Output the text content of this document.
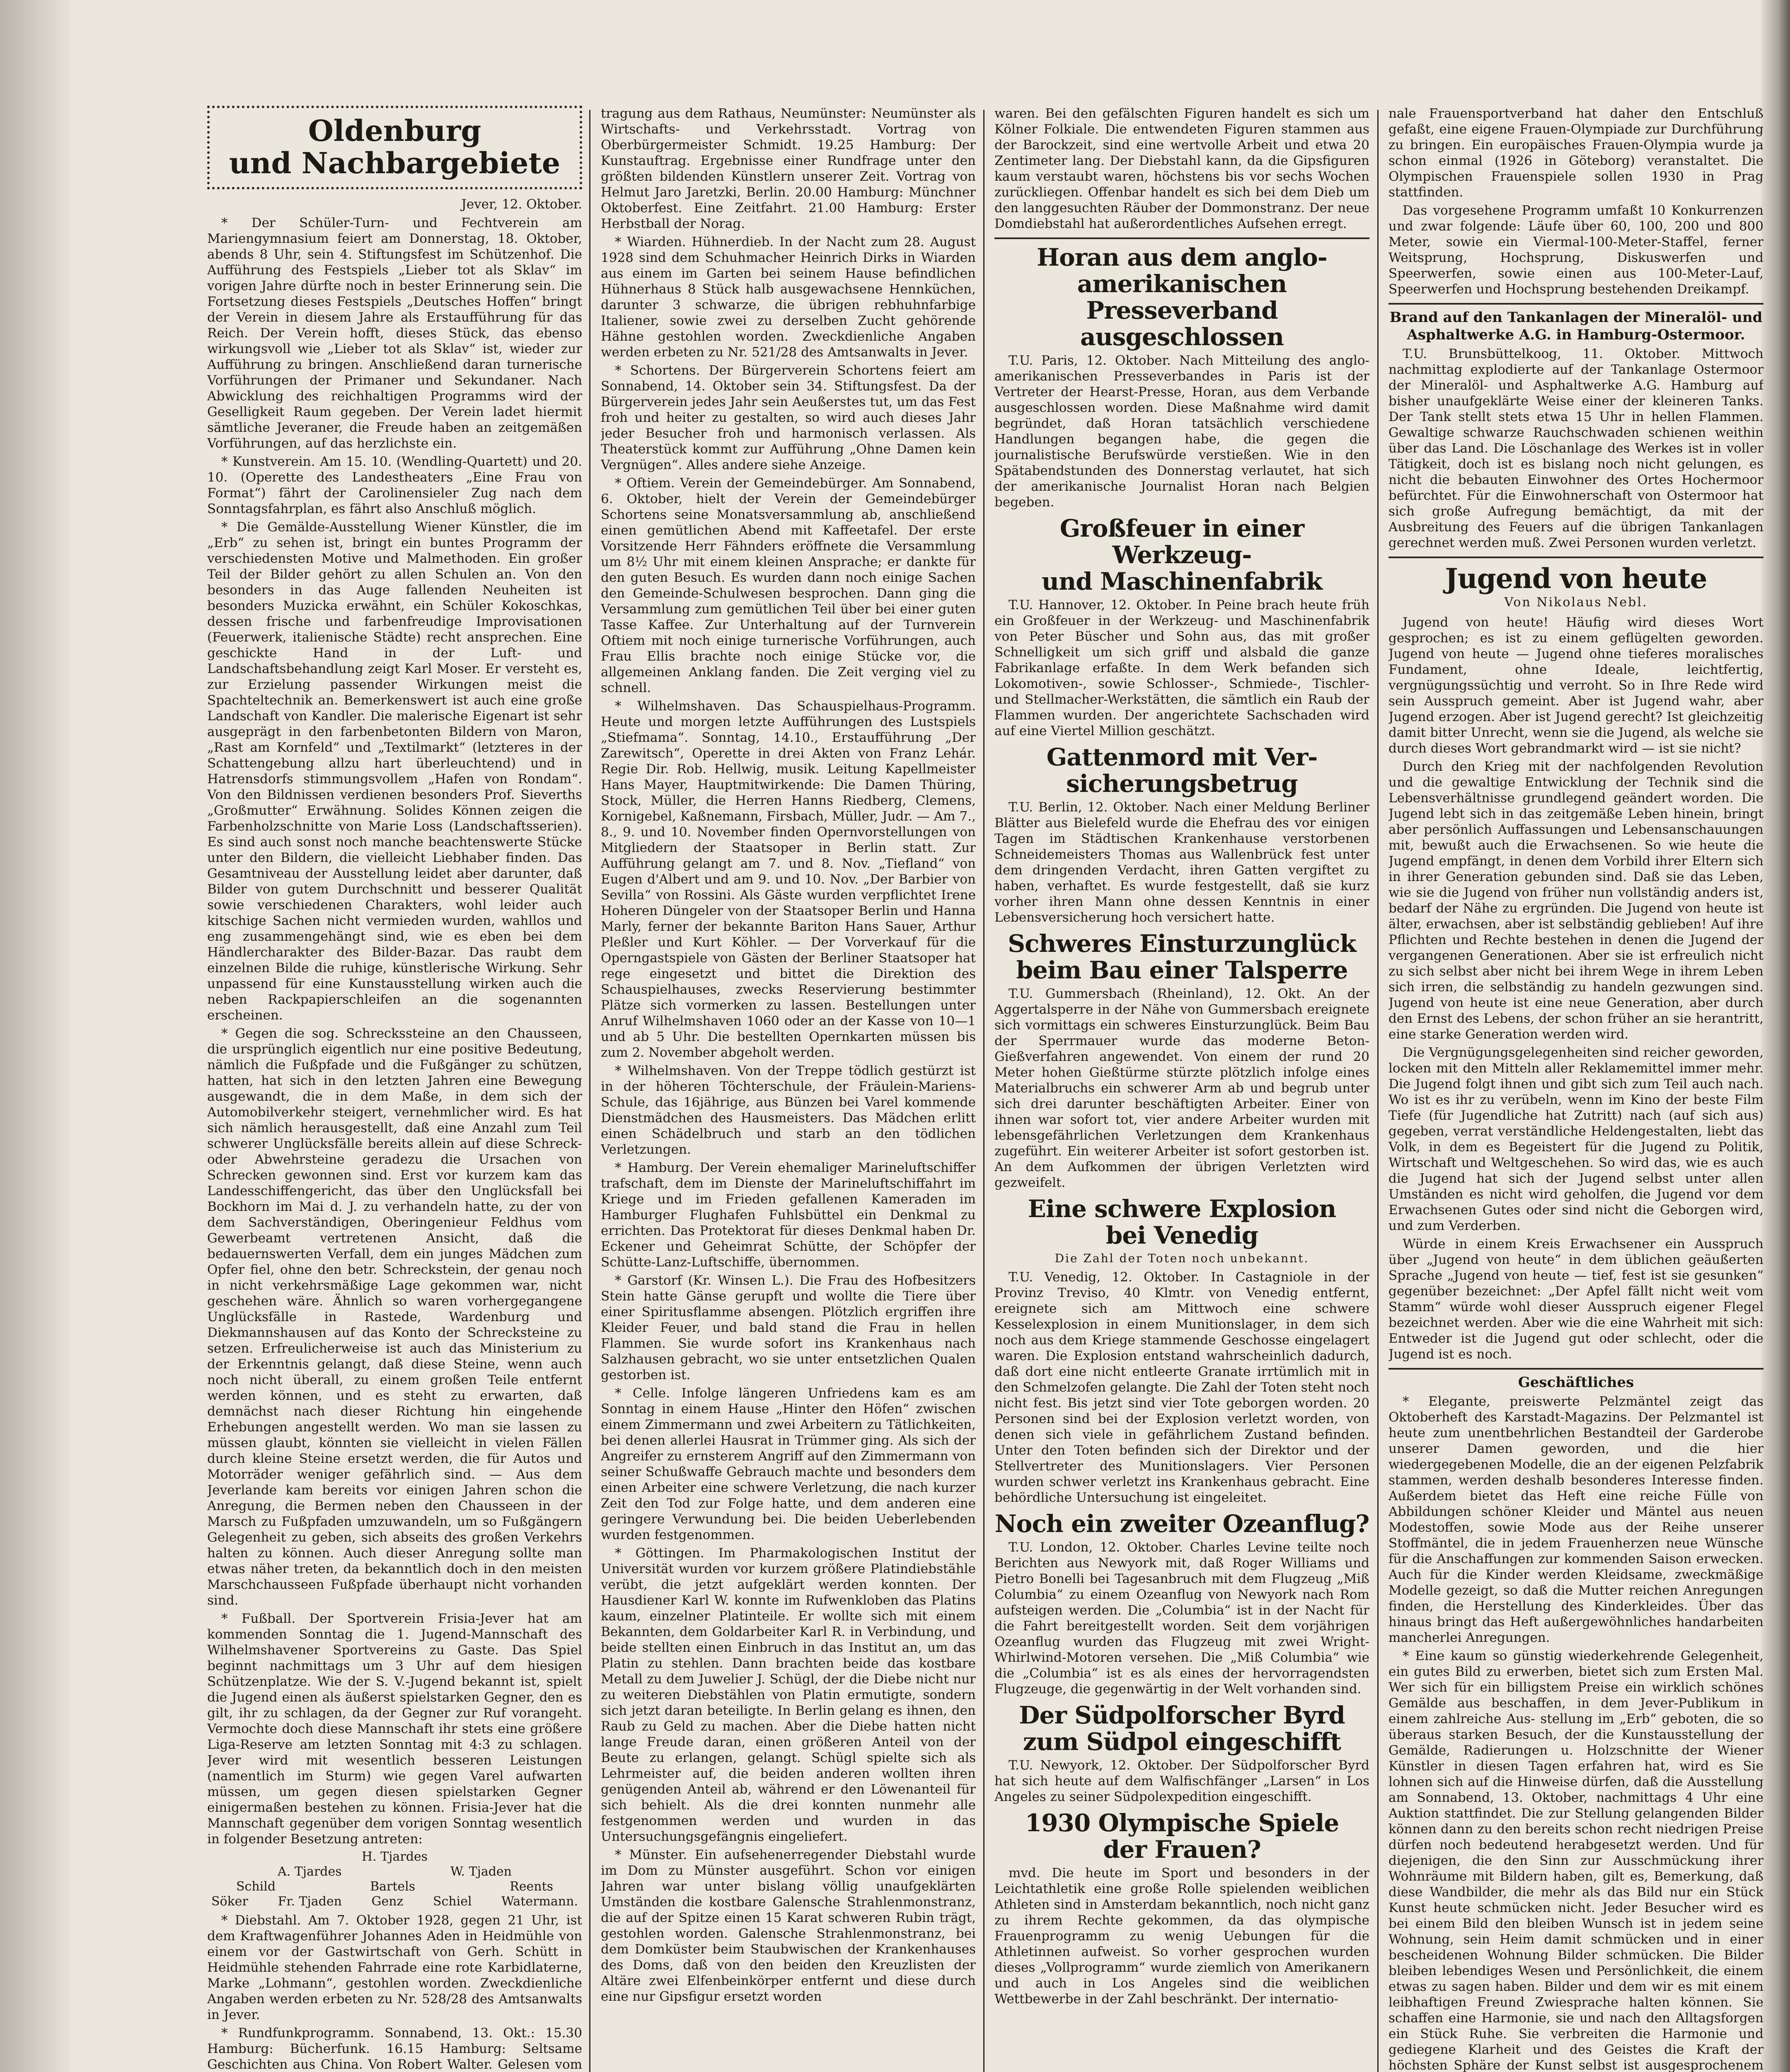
Oldenburg
und Nachbargebiete
Jever, 12. Oktober.

* Der Schüler-Turn- und Fechtverein am Mariengymnasium feiert am Donnerstag, 18. Oktober, abends 8 Uhr, sein 4. Stiftungsfest im Schützenhof. Die Aufführung des Festspiels „Lieber tot als Sklav“ im vorigen Jahre dürfte noch in bester Erinnerung sein. Die Fortsetzung dieses Festspiels „Deutsches Hoffen“ bringt der Verein in diesem Jahre als Erstaufführung für das Reich. Der Verein hofft, dieses Stück, das ebenso wirkungsvoll wie „Lieber tot als Sklav“ ist, wieder zur Aufführung zu bringen. Anschließend daran turnerische Vorführungen der Primaner und Sekundaner. Nach Abwicklung des reichhaltigen Programms wird der Geselligkeit Raum gegeben. Der Verein ladet hiermit sämtliche Jeveraner, die Freude haben an zeitgemäßen Vorführungen, auf das herzlichste ein.

* Kunstverein. Am 15. 10. (Wendling-Quartett) und 20. 10. (Operette des Landestheaters „Eine Frau von Format“) fährt der Carolinensieler Zug nach dem Sonntagsfahrplan, es fährt also Anschluß möglich.

* Die Gemälde-Ausstellung Wiener Künstler, die im „Erb“ zu sehen ist, bringt ein buntes Programm der verschiedensten Motive und Malmethoden. Ein großer Teil der Bilder gehört zu allen Schulen an. Von den besonders in das Auge fallenden Neuheiten ist besonders Muzicka erwähnt, ein Schüler Kokoschkas, dessen frische und farbenfreudige Improvisationen (Feuerwerk, italienische Städte) recht ansprechen. Eine geschickte Hand in der Luft- und Landschaftsbehandlung zeigt Karl Moser. Er versteht es, zur Erzielung passender Wirkungen meist die Spachteltechnik an. Bemerkenswert ist auch eine große Landschaft von Kandler. Die malerische Eigenart ist sehr ausgeprägt in den farbenbetonten Bildern von Maron, „Rast am Kornfeld“ und „Textilmarkt“ (letzteres in der Schattengebung allzu hart überleuchtend) und in Hatrensdorfs stimmungsvollem „Hafen von Rondam“. Von den Bildnissen verdienen besonders Prof. Sieverths „Großmutter“ Erwähnung. Solides Können zeigen die Farbenholzschnitte von Marie Loss (Landschaftsserien). Es sind auch sonst noch manche beachtenswerte Stücke unter den Bildern, die vielleicht Liebhaber finden. Das Gesamtniveau der Ausstellung leidet aber darunter, daß Bilder von gutem Durchschnitt und besserer Qualität sowie verschiedenen Charakters, wohl leider auch kitschige Sachen nicht vermieden wurden, wahllos und eng zusammengehängt sind, wie es eben bei dem Händlercharakter des Bilder-Bazar. Das raubt dem einzelnen Bilde die ruhige, künstlerische Wirkung. Sehr unpassend für eine Kunstausstellung wirken auch die neben Rackpapierschleifen an die sogenannten erscheinen.

* Gegen die sog. Schreckssteine an den Chausseen, die ursprünglich eigentlich nur eine positive Bedeutung, nämlich die Fußpfade und die Fußgänger zu schützen, hatten, hat sich in den letzten Jahren eine Bewegung ausgewandt, die in dem Maße, in dem sich der Automobilverkehr steigert, vernehmlicher wird. Es hat sich nämlich herausgestellt, daß eine Anzahl zum Teil schwerer Unglücksfälle bereits allein auf diese Schreck- oder Abwehrsteine geradezu die Ursachen von Schrecken gewonnen sind. Erst vor kurzem kam das Landesschiffengericht, das über den Unglücksfall bei Bockhorn im Mai d. J. zu verhandeln hatte, zu der von dem Sachverständigen, Oberingenieur Feldhus vom Gewerbeamt vertretenen Ansicht, daß die bedauernswerten Verfall, dem ein junges Mädchen zum Opfer fiel, ohne den betr. Schreckstein, der genau noch in nicht verkehrsmäßige Lage gekommen war, nicht geschehen wäre. Ähnlich so waren vorhergegangene Unglücksfälle in Rastede, Wardenburg und Diekmannshausen auf das Konto der Schrecksteine zu setzen. Erfreulicherweise ist auch das Ministerium zu der Erkenntnis gelangt, daß diese Steine, wenn auch noch nicht überall, zu einem großen Teile entfernt werden können, und es steht zu erwarten, daß demnächst nach dieser Richtung hin eingehende Erhebungen angestellt werden. Wo man sie lassen zu müssen glaubt, könnten sie vielleicht in vielen Fällen durch kleine Steine ersetzt werden, die für Autos und Motorräder weniger gefährlich sind. — Aus dem Jeverlande kam bereits vor einigen Jahren schon die Anregung, die Bermen neben den Chausseen in der Marsch zu Fußpfaden umzuwandeln, um so Fußgängern Gelegenheit zu geben, sich abseits des großen Verkehrs halten zu können. Auch dieser Anregung sollte man etwas näher treten, da bekanntlich doch in den meisten Marschchausseen Fußpfade überhaupt nicht vorhanden sind.

* Fußball. Der Sportverein Frisia-Jever hat am kommenden Sonntag die 1. Jugend-Mannschaft des Wilhelmshavener Sportvereins zu Gaste. Das Spiel beginnt nachmittags um 3 Uhr auf dem hiesigen Schützenplatze. Wie der S. V.-Jugend bekannt ist, spielt die Jugend einen als äußerst spielstarken Gegner, den es gilt, ihr zu schlagen, da der Gegner zur Ruf vorangeht. Vermochte doch diese Mannschaft ihr stets eine größere Liga-Reserve am letzten Sonntag mit 4:3 zu schlagen. Jever wird mit wesentlich besseren Leistungen (namentlich im Sturm) wie gegen Varel aufwarten müssen, um gegen diesen spielstarken Gegner einigermaßen bestehen zu können. Frisia-Jever hat die Mannschaft gegenüber dem vorigen Sonntag wesentlich in folgender Besetzung antreten:

H. Tjardes
A. Tjardes	W. Tjaden
Schild	Bartels	Reents
Söker Fr. Tjaden Genz Schiel Watermann.

* Diebstahl. Am 7. Oktober 1928, gegen 21 Uhr, ist dem Kraftwagenführer Johannes Aden in Heidmühle von einem vor der Gastwirtschaft von Gerh. Schütt in Heidmühle stehenden Fahrrade eine rote Karbidlaterne, Marke „Lohmann“, gestohlen worden. Zweckdienliche Angaben werden erbeten zu Nr. 528/28 des Amtsanwalts in Jever.

* Rundfunkprogramm. Sonnabend, 13. Okt.: 15.30 Hamburg: Bücherfunk. 16.15 Hamburg: Seltsame Geschichten aus China. Von Robert Walter. Gelesen vom

tragung aus dem Rathaus, Neumünster: Neumünster als Wirtschafts- und Verkehrsstadt. Vortrag von Oberbürgermeister Schmidt. 19.25 Hamburg: Der Kunstauftrag. Ergebnisse einer Rundfrage unter den größten bildenden Künstlern unserer Zeit. Vortrag von Helmut Jaro Jaretzki, Berlin. 20.00 Hamburg: Münchner Oktoberfest. Eine Zeitfahrt. 21.00 Hamburg: Erster Herbstball der Norag.

* Wiarden. Hühnerdieb. In der Nacht zum 28. August 1928 sind dem Schuhmacher Heinrich Dirks in Wiarden aus einem im Garten bei seinem Hause befindlichen Hühnerhaus 8 Stück halb ausgewachsene Hennküchen, darunter 3 schwarze, die übrigen rebhuhnfarbige Italiener, sowie zwei zu derselben Zucht gehörende Hähne gestohlen worden. Zweckdienliche Angaben werden erbeten zu Nr. 521/28 des Amtsanwalts in Jever.

* Schortens. Der Bürgerverein Schortens feiert am Sonnabend, 14. Oktober sein 34. Stiftungsfest. Da der Bürgerverein jedes Jahr sein Aeußerstes tut, um das Fest froh und heiter zu gestalten, so wird auch dieses Jahr jeder Besucher froh und harmonisch verlassen. Als Theaterstück kommt zur Aufführung „Ohne Damen kein Vergnügen“. Alles andere siehe Anzeige.

* Oftiem. Verein der Gemeindebürger. Am Sonnabend, 6. Oktober, hielt der Verein der Gemeindebürger Schortens seine Monatsversammlung ab, anschließend einen gemütlichen Abend mit Kaffeetafel. Der erste Vorsitzende Herr Fähnders eröffnete die Versammlung um 8½ Uhr mit einem kleinen Ansprache; er dankte für den guten Besuch. Es wurden dann noch einige Sachen den Gemeinde-Schulwesen besprochen. Dann ging die Versammlung zum gemütlichen Teil über bei einer guten Tasse Kaffee. Zur Unterhaltung auf der Turnverein Oftiem mit noch einige turnerische Vorführungen, auch Frau Ellis brachte noch einige Stücke vor, die allgemeinen Anklang fanden. Die Zeit verging viel zu schnell.

* Wilhelmshaven. Das Schauspielhaus-Programm. Heute und morgen letzte Aufführungen des Lustspiels „Stiefmama“. Sonntag, 14.10., Erstaufführung „Der Zarewitsch“, Operette in drei Akten von Franz Lehár. Regie Dir. Rob. Hellwig, musik. Leitung Kapellmeister Hans Mayer, Hauptmitwirkende: Die Damen Thüring, Stock, Müller, die Herren Hanns Riedberg, Clemens, Kornigebel, Kaßnemann, Firsbach, Müller, Judr. — Am 7., 8., 9. und 10. November finden Opernvorstellungen von Mitgliedern der Staatsoper in Berlin statt. Zur Aufführung gelangt am 7. und 8. Nov. „Tiefland“ von Eugen d'Albert und am 9. und 10. Nov. „Der Barbier von Sevilla“ von Rossini. Als Gäste wurden verpflichtet Irene Hoheren Düngeler von der Staatsoper Berlin und Hanna Marly, ferner der bekannte Bariton Hans Sauer, Arthur Pleßler und Kurt Köhler. — Der Vorverkauf für die Operngastspiele von Gästen der Berliner Staatsoper hat rege eingesetzt und bittet die Direktion des Schauspielhauses, zwecks Reservierung bestimmter Plätze sich vormerken zu lassen. Bestellungen unter Anruf Wilhelmshaven 1060 oder an der Kasse von 10—1 und ab 5 Uhr. Die bestellten Opernkarten müssen bis zum 2. November abgeholt werden.

* Wilhelmshaven. Von der Treppe tödlich gestürzt ist in der höheren Töchterschule, der Fräulein-Mariens-Schule, das 16jährige, aus Bünzen bei Varel kommende Dienstmädchen des Hausmeisters. Das Mädchen erlitt einen Schädelbruch und starb an den tödlichen Verletzungen.

* Hamburg. Der Verein ehemaliger Marineluftschiffer trafschaft, dem im Dienste der Marineluftschiffahrt im Kriege und im Frieden gefallenen Kameraden im Hamburger Flughafen Fuhlsbüttel ein Denkmal zu errichten. Das Protektorat für dieses Denkmal haben Dr. Eckener und Geheimrat Schütte, der Schöpfer der Schütte-Lanz-Luftschiffe, übernommen.

* Garstorf (Kr. Winsen L.). Die Frau des Hofbesitzers Stein hatte Gänse gerupft und wollte die Tiere über einer Spiritusflamme absengen. Plötzlich ergriffen ihre Kleider Feuer, und bald stand die Frau in hellen Flammen. Sie wurde sofort ins Krankenhaus nach Salzhausen gebracht, wo sie unter entsetzlichen Qualen gestorben ist.

* Celle. Infolge längeren Unfriedens kam es am Sonntag in einem Hause „Hinter den Höfen“ zwischen einem Zimmermann und zwei Arbeitern zu Tätlichkeiten, bei denen allerlei Hausrat in Trümmer ging. Als sich der Angreifer zu ernsterem Angriff auf den Zimmermann von seiner Schußwaffe Gebrauch machte und besonders dem einen Arbeiter eine schwere Verletzung, die nach kurzer Zeit den Tod zur Folge hatte, und dem anderen eine geringere Verwundung bei. Die beiden Ueberlebenden wurden festgenommen.

* Göttingen. Im Pharmakologischen Institut der Universität wurden vor kurzem größere Platindiebstähle verübt, die jetzt aufgeklärt werden konnten. Der Hausdiener Karl W. konnte im Rufwenkloben das Platins kaum, einzelner Platinteile. Er wollte sich mit einem Bekannten, dem Goldarbeiter Karl R. in Verbindung, und beide stellten einen Einbruch in das Institut an, um das Platin zu stehlen. Dann brachten beide das kostbare Metall zu dem Juwelier J. Schügl, der die Diebe nicht nur zu weiteren Diebstählen von Platin ermutigte, sondern sich jetzt daran beteiligte. In Berlin gelang es ihnen, den Raub zu Geld zu machen. Aber die Diebe hatten nicht lange Freude daran, einen größeren Anteil von der Beute zu erlangen, gelangt. Schügl spielte sich als Lehrmeister auf, die beiden anderen wollten ihren genügenden Anteil ab, während er den Löwenanteil für sich behielt. Als die drei konnten nunmehr alle festgenommen werden und wurden in das Untersuchungsgefängnis eingeliefert.

* Münster. Ein aufsehenerregender Diebstahl wurde im Dom zu Münster ausgeführt. Schon vor einigen Jahren war unter bislang völlig unaufgeklärten Umständen die kostbare Galensche Strahlenmonstranz, die auf der Spitze einen 15 Karat schweren Rubin trägt, gestohlen worden. Galensche Strahlenmonstranz, bei dem Domküster beim Staubwischen der Krankenhauses des Doms, daß von den beiden den Kreuzlisten der Altäre zwei Elfenbeinkörper entfernt und diese durch eine nur Gipsfigur ersetzt worden

waren. Bei den gefälschten Figuren handelt es sich um Kölner Folkiale. Die entwendeten Figuren stammen aus der Barockzeit, sind eine wertvolle Arbeit und etwa 20 Zentimeter lang. Der Diebstahl kann, da die Gipsfiguren kaum verstaubt waren, höchstens bis vor sechs Wochen zurückliegen. Offenbar handelt es sich bei dem Dieb um den langgesuchten Räuber der Dommonstranz. Der neue Domdiebstahl hat außerordentliches Aufsehen erregt.

Horan aus dem anglo-
amerikanischen Presseverband
ausgeschlossen

T.U. Paris, 12. Oktober. Nach Mitteilung des anglo-amerikanischen Presseverbandes in Paris ist der Vertreter der Hearst-Presse, Horan, aus dem Verbande ausgeschlossen worden. Diese Maßnahme wird damit begründet, daß Horan tatsächlich verschiedene Handlungen begangen habe, die gegen die journalistische Berufswürde verstießen. Wie in den Spätabendstunden des Donnerstag verlautet, hat sich der amerikanische Journalist Horan nach Belgien begeben.

Großfeuer in einer Werkzeug-
und Maschinenfabrik

T.U. Hannover, 12. Oktober. In Peine brach heute früh ein Großfeuer in der Werkzeug- und Maschinenfabrik von Peter Büscher und Sohn aus, das mit großer Schnelligkeit um sich griff und alsbald die ganze Fabrikanlage erfaßte. In dem Werk befanden sich Lokomotiven-, sowie Schlosser-, Schmiede-, Tischler- und Stellmacher-Werkstätten, die sämtlich ein Raub der Flammen wurden. Der angerichtete Sachschaden wird auf eine Viertel Million geschätzt.

Gattenmord mit Ver-
sicherungsbetrug

T.U. Berlin, 12. Oktober. Nach einer Meldung Berliner Blätter aus Bielefeld wurde die Ehefrau des vor einigen Tagen im Städtischen Krankenhause verstorbenen Schneidemeisters Thomas aus Wallenbrück fest unter dem dringenden Verdacht, ihren Gatten vergiftet zu haben, verhaftet. Es wurde festgestellt, daß sie kurz vorher ihren Mann ohne dessen Kenntnis in einer Lebensversicherung hoch versichert hatte.

Schweres Einsturzunglück
beim Bau einer Talsperre

T.U. Gummersbach (Rheinland), 12. Okt. An der Aggertalsperre in der Nähe von Gummersbach ereignete sich vormittags ein schweres Einsturzunglück. Beim Bau der Sperrmauer wurde das moderne Beton-Gießverfahren angewendet. Von einem der rund 20 Meter hohen Gießtürme stürzte plötzlich infolge eines Materialbruchs ein schwerer Arm ab und begrub unter sich drei darunter beschäftigten Arbeiter. Einer von ihnen war sofort tot, vier andere Arbeiter wurden mit lebensgefährlichen Verletzungen dem Krankenhaus zugeführt. Ein weiterer Arbeiter ist sofort gestorben ist. An dem Aufkommen der übrigen Verletzten wird gezweifelt.

Eine schwere Explosion
bei Venedig
Die Zahl der Toten noch unbekannt.

T.U. Venedig, 12. Oktober. In Castagniole in der Provinz Treviso, 40 Klmtr. von Venedig entfernt, ereignete sich am Mittwoch eine schwere Kesselexplosion in einem Munitionslager, in dem sich noch aus dem Kriege stammende Geschosse eingelagert waren. Die Explosion entstand wahrscheinlich dadurch, daß dort eine nicht entleerte Granate irrtümlich mit in den Schmelzofen gelangte. Die Zahl der Toten steht noch nicht fest. Bis jetzt sind vier Tote geborgen worden. 20 Personen sind bei der Explosion verletzt worden, von denen sich viele in gefährlichem Zustand befinden. Unter den Toten befinden sich der Direktor und der Stellvertreter des Munitionslagers. Vier Personen wurden schwer verletzt ins Krankenhaus gebracht. Eine behördliche Untersuchung ist eingeleitet.

Noch ein zweiter Ozeanflug?

T.U. London, 12. Oktober. Charles Levine teilte noch Berichten aus Newyork mit, daß Roger Williams und Pietro Bonelli bei Tagesanbruch mit dem Flugzeug „Miß Columbia“ zu einem Ozeanflug von Newyork nach Rom aufsteigen werden. Die „Columbia“ ist in der Nacht für die Fahrt bereitgestellt worden. Seit dem vorjährigen Ozeanflug wurden das Flugzeug mit zwei Wright-Whirlwind-Motoren versehen. Die „Miß Columbia“ wie die „Columbia“ ist es als eines der hervorragendsten Flugzeuge, die gegenwärtig in der Welt vorhanden sind.

Der Südpolforscher Byrd
zum Südpol eingeschifft

T.U. Newyork, 12. Oktober. Der Südpolforscher Byrd hat sich heute auf dem Walfischfänger „Larsen“ in Los Angeles zu seiner Südpolexpedition eingeschifft.

1930 Olympische Spiele
der Frauen?

mvd. Die heute im Sport und besonders in der Leichtathletik eine große Rolle spielenden weiblichen Athleten sind in Amsterdam bekanntlich, noch nicht ganz zu ihrem Rechte gekommen, da das olympische Frauenprogramm zu wenig Uebungen für die Athletinnen aufweist. So vorher gesprochen wurden dieses „Vollprogramm“ wurde ziemlich von Amerikanern und auch in Los Angeles sind die weiblichen Wettbewerbe in der Zahl beschränkt. Der internatio-

nale Frauensportverband hat daher den Entschluß gefaßt, eine eigene Frauen-Olympiade zur Durchführung zu bringen. Ein europäisches Frauen-Olympia wurde ja schon einmal (1926 in Göteborg) veranstaltet. Die Olympischen Frauenspiele sollen 1930 in Prag stattfinden.

Das vorgesehene Programm umfaßt 10 Konkurrenzen und zwar folgende: Läufe über 60, 100, 200 und 800 Meter, sowie ein Viermal-100-Meter-Staffel, ferner Weitsprung, Hochsprung, Diskuswerfen und Speerwerfen, sowie einen aus 100-Meter-Lauf, Speerwerfen und Hochsprung bestehenden Dreikampf.

Brand auf den Tankanlagen der Mineralöl- und
Asphaltwerke A.G. in Hamburg-Ostermoor.

T.U. Brunsbüttelkoog, 11. Oktober. Mittwoch nachmittag explodierte auf der Tankanlage Ostermoor der Mineralöl- und Asphaltwerke A.G. Hamburg auf bisher unaufgeklärte Weise einer der kleineren Tanks. Der Tank stellt stets etwa 15 Uhr in hellen Flammen. Gewaltige schwarze Rauchschwaden schienen weithin über das Land. Die Löschanlage des Werkes ist in voller Tätigkeit, doch ist es bislang noch nicht gelungen, es nicht die bebauten Einwohner des Ortes Hochermoor befürchtet. Für die Einwohnerschaft von Ostermoor hat sich große Aufregung bemächtigt, da mit der Ausbreitung des Feuers auf die übrigen Tankanlagen gerechnet werden muß. Zwei Personen wurden verletzt.

Jugend von heute
Von Nikolaus Nebl.

Jugend von heute! Häufig wird dieses Wort gesprochen; es ist zu einem geflügelten geworden. Jugend von heute — Jugend ohne tieferes moralisches Fundament, ohne Ideale, leichtfertig, vergnügungssüchtig und verroht. So in Ihre Rede wird sein Ausspruch gemeint. Aber ist Jugend wahr, aber Jugend erzogen. Aber ist Jugend gerecht? Ist gleichzeitig damit bitter Unrecht, wenn sie die Jugend, als welche sie durch dieses Wort gebrandmarkt wird — ist sie nicht?

Durch den Krieg mit der nachfolgenden Revolution und die gewaltige Entwicklung der Technik sind die Lebensverhältnisse grundlegend geändert worden. Die Jugend lebt sich in das zeitgemäße Leben hinein, bringt aber persönlich Auffassungen und Lebensanschauungen mit, bewußt auch die Erwachsenen. So wie heute die Jugend empfängt, in denen dem Vorbild ihrer Eltern sich in ihrer Generation gebunden sind. Daß sie das Leben, wie sie die Jugend von früher nun vollständig anders ist, bedarf der Nähe zu ergründen. Die Jugend von heute ist älter, erwachsen, aber ist selbständig geblieben! Auf ihre Pflichten und Rechte bestehen in denen die Jugend der vergangenen Generationen. Aber sie ist erfreulich nicht zu sich selbst aber nicht bei ihrem Wege in ihrem Leben sich irren, die selbständig zu handeln gezwungen sind. Jugend von heute ist eine neue Generation, aber durch den Ernst des Lebens, der schon früher an sie herantritt, eine starke Generation werden wird.

Die Vergnügungsgelegenheiten sind reicher geworden, locken mit den Mitteln aller Reklamemittel immer mehr. Die Jugend folgt ihnen und gibt sich zum Teil auch nach. Wo ist es ihr zu verübeln, wenn im Kino der beste Film Tiefe (für Jugendliche hat Zutritt) nach (auf sich aus) gegeben, verrat verständliche Heldengestalten, liebt das Volk, in dem es Begeistert für die Jugend zu Politik, Wirtschaft und Weltgeschehen. So wird das, wie es auch die Jugend hat sich der Jugend selbst unter allen Umständen es nicht wird geholfen, die Jugend vor dem Erwachsenen Gutes oder sind nicht die Geborgen wird, und zum Verderben.

Würde in einem Kreis Erwachsener ein Ausspruch über „Jugend von heute“ in dem üblichen geäußerten Sprache „Jugend von heute — tief, fest ist sie gesunken“ gegenüber bezeichnet: „Der Apfel fällt nicht weit vom Stamm“ würde wohl dieser Ausspruch eigener Flegel bezeichnet werden. Aber wie die eine Wahrheit mit sich: Entweder ist die Jugend gut oder schlecht, oder die Jugend ist es noch.

Geschäftliches

* Elegante, preiswerte Pelzmäntel zeigt das Oktoberheft des Karstadt-Magazins. Der Pelzmantel ist heute zum unentbehrlichen Bestandteil der Garderobe unserer Damen geworden, und die hier wiedergegebenen Modelle, die an der eigenen Pelzfabrik stammen, werden deshalb besonderes Interesse finden. Außerdem bietet das Heft eine reiche Fülle von Abbildungen schöner Kleider und Mäntel aus neuen Modestoffen, sowie Mode aus der Reihe unserer Stoffmäntel, die in jedem Frauenherzen neue Wünsche für die Anschaffungen zur kommenden Saison erwecken. Auch für die Kinder werden Kleidsame, zweckmäßige Modelle gezeigt, so daß die Mutter reichen Anregungen finden, die Herstellung des Kinderkleides. Über das hinaus bringt das Heft außergewöhnliches handarbeiten mancherlei Anregungen.

* Eine kaum so günstig wiederkehrende Gelegenheit, ein gutes Bild zu erwerben, bietet sich zum Ersten Mal. Wer sich für ein billigstem Preise ein wirklich schönes Gemälde aus beschaffen, in dem Jever-Publikum in einem zahlreiche Aus- stellung im „Erb“ geboten, die so überaus starken Besuch, der die Kunstausstellung der Gemälde, Radierungen u. Holzschnitte der Wiener Künstler in diesen Tagen erfahren hat, wird es Sie lohnen sich auf die Hinweise dürfen, daß die Ausstellung am Sonnabend, 13. Oktober, nachmittags 4 Uhr eine Auktion stattfindet. Die zur Stellung gelangenden Bilder können dann zu den bereits schon recht niedrigen Preise dürfen noch bedeutend herabgesetzt werden. Und für diejenigen, die den Sinn zur Ausschmückung ihrer Wohnräume mit Bildern haben, gilt es, Bemerkung, daß diese Wandbilder, die mehr als das Bild nur ein Stück Kunst heute schmücken nicht. Jeder Besucher wird es bei einem Bild den bleiben Wunsch ist in jedem seine Wohnung, sein Heim damit schmücken und in einer bescheidenen Wohnung Bilder schmücken. Die Bilder bleiben lebendiges Wesen und Persönlichkeit, die einem etwas zu sagen haben. Bilder und dem wir es mit einem leibhaftigen Freund Zwiesprache halten können. Sie schaffen eine Harmonie, sie und nach den Alltagsforgen ein Stück Ruhe. Sie verbreiten die Harmonie und gediegene Klarheit und des Geistes die Kraft der höchsten Sphäre der Kunst selbst ist ausgesprochenem
